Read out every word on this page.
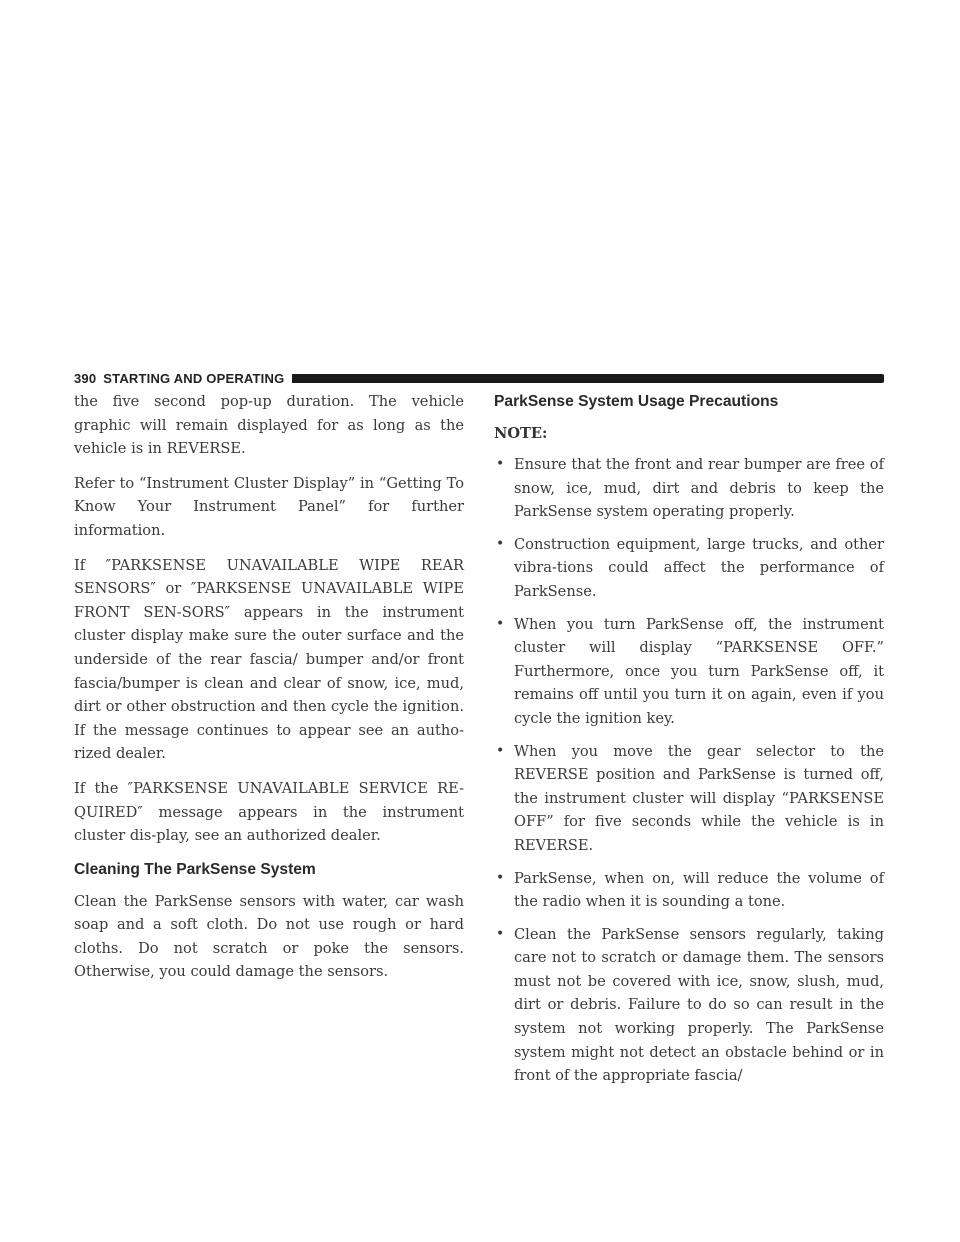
390 STARTING AND OPERATING

the five second pop-up duration. The vehicle graphic will remain displayed for as long as the vehicle is in REVERSE.

Refer to “Instrument Cluster Display” in “Getting To Know Your Instrument Panel” for further information.

If ″PARKSENSE UNAVAILABLE WIPE REAR SENSORS″ or ″PARKSENSE UNAVAILABLE WIPE FRONT SEN-SORS″ appears in the instrument cluster display make sure the outer surface and the underside of the rear fascia/ bumper and/or front fascia/bumper is clean and clear of snow, ice, mud, dirt or other obstruction and then cycle the ignition. If the message continues to appear see an autho-rized dealer.

If the ″PARKSENSE UNAVAILABLE SERVICE RE-QUIRED″ message appears in the instrument cluster dis-play, see an authorized dealer.

Cleaning The ParkSense System

Clean the ParkSense sensors with water, car wash soap and a soft cloth. Do not use rough or hard cloths. Do not scratch or poke the sensors. Otherwise, you could damage the sensors.

ParkSense System Usage Precautions
NOTE:
• Ensure that the front and rear bumper are free of snow, ice, mud, dirt and debris to keep the ParkSense system operating properly.
• Construction equipment, large trucks, and other vibra-tions could affect the performance of ParkSense.
• When you turn ParkSense off, the instrument cluster will display “PARKSENSE OFF.” Furthermore, once you turn ParkSense off, it remains off until you turn it on again, even if you cycle the ignition key.
• When you move the gear selector to the REVERSE position and ParkSense is turned off, the instrument cluster will display “PARKSENSE OFF” for five seconds while the vehicle is in REVERSE.
• ParkSense, when on, will reduce the volume of the radio when it is sounding a tone.
• Clean the ParkSense sensors regularly, taking care not to scratch or damage them. The sensors must not be covered with ice, snow, slush, mud, dirt or debris. Failure to do so can result in the system not working properly. The ParkSense system might not detect an obstacle behind or in front of the appropriate fascia/
